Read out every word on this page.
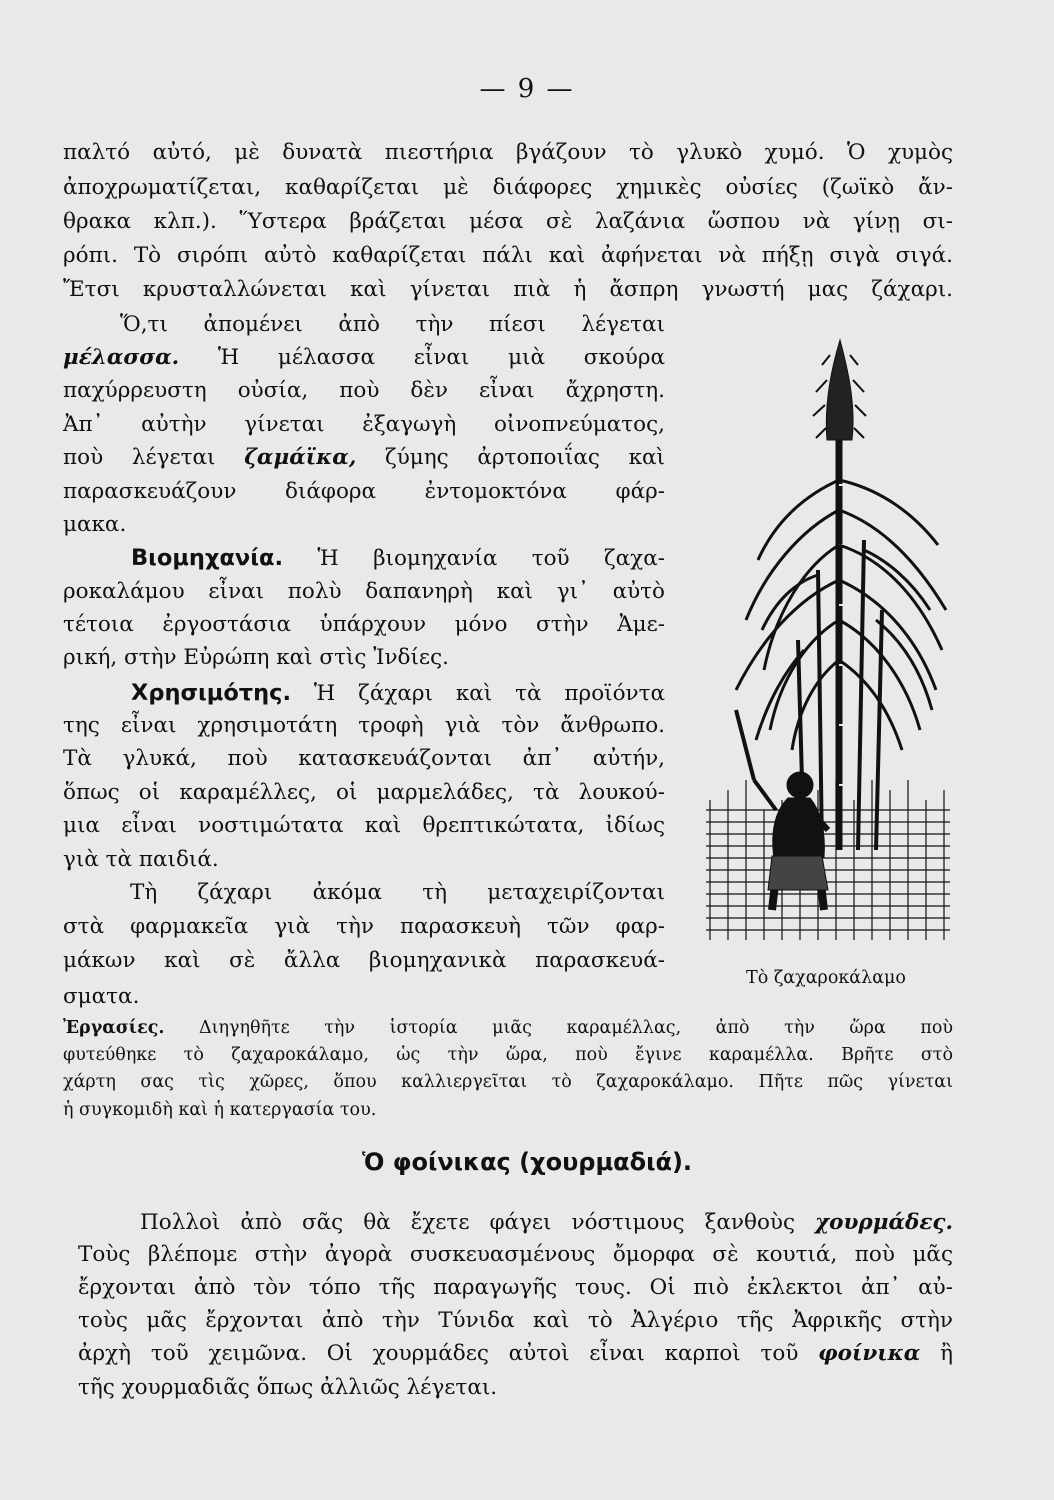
— 9 —
παλτό αὐτό, μὲ δυνατὰ πιεστήρια βγάζουν τὸ γλυκὸ χυμό. Ὁ χυμὸς
ἀποχρωματίζεται, καθαρίζεται μὲ διάφορες χημικὲς οὐσίες (ζωϊκὸ ἄν-
θρακα κλπ.). Ὕστερα βράζεται μέσα σὲ λαζάνια ὥσπου νὰ γίνῃ σι-
ρόπι. Τὸ σιρόπι αὐτὸ καθαρίζεται πάλι καὶ ἀφήνεται νὰ πήξῃ σιγὰ σιγά.
Ἔτσι κρυσταλλώνεται καὶ γίνεται πιὰ ἡ ἄσπρη γνωστή μας ζάχαρι.
Ὅ,τι ἀπομένει ἀπὸ τὴν πίεσι λέγεται
μέλασσα. Ἡ μέλασσα εἶναι μιὰ σκούρα
παχύρρευστη οὐσία, ποὺ δὲν εἶναι ἄχρηστη.
Ἀπ᾿ αὐτὴν γίνεται ἐξαγωγὴ οἰνοπνεύματος,
ποὺ λέγεται ζαμάϊκα, ζύμης ἀρτοποιΐας καὶ
παρασκευάζουν διάφορα ἐντομοκτόνα φάρ-
μακα.
Βιομηχανία. Ἡ βιομηχανία τοῦ ζαχα-
ροκαλάμου εἶναι πολὺ δαπανηρὴ καὶ γι᾿ αὐτὸ
τέτοια ἐργοστάσια ὑπάρχουν μόνο στὴν Ἀμε-
ρική, στὴν Εὐρώπη καὶ στὶς Ἰνδίες.
Χρησιμότης. Ἡ ζάχαρι καὶ τὰ προϊόντα
της εἶναι χρησιμοτάτη τροφὴ γιὰ τὸν ἄνθρωπο.
Τὰ γλυκά, ποὺ κατασκευάζονται ἀπ᾿ αὐτήν,
ὅπως οἱ καραμέλλες, οἱ μαρμελάδες, τὰ λουκού-
μια εἶναι νοστιμώτατα καὶ θρεπτικώτατα, ἰδίως
γιὰ τὰ παιδιά.
Τὴ ζάχαρι ἀκόμα τὴ μεταχειρίζονται
στὰ φαρμακεῖα γιὰ τὴν παρασκευὴ τῶν φαρ-
μάκων καὶ σὲ ἄλλα βιομηχανικὰ παρασκευά-
σματα.
Τὸ ζαχαροκάλαμο
Ἐργασίες. Διηγηθῆτε τὴν ἱστορία μιᾶς καραμέλλας, ἀπὸ τὴν ὥρα ποὺ
φυτεύθηκε τὸ ζαχαροκάλαμο, ὡς τὴν ὥρα, ποὺ ἔγινε καραμέλλα. Βρῆτε στὸ
χάρτη σας τὶς χῶρες, ὅπου καλλιεργεῖται τὸ ζαχαροκάλαμο. Πῆτε πῶς γίνεται
ἡ συγκομιδὴ καὶ ἡ κατεργασία του.
Ὁ φοίνικας (χουρμαδιά).
Πολλοὶ ἀπὸ σᾶς θὰ ἔχετε φάγει νόστιμους ξανθοὺς χουρμάδες.
Τοὺς βλέπομε στὴν ἀγορὰ συσκευασμένους ὄμορφα σὲ κουτιά, ποὺ μᾶς
ἔρχονται ἀπὸ τὸν τόπο τῆς παραγωγῆς τους. Οἱ πιὸ ἐκλεκτοι ἀπ᾿ αὐ-
τοὺς μᾶς ἔρχονται ἀπὸ τὴν Τύνιδα καὶ τὸ Ἀλγέριο τῆς Ἀφρικῆς στὴν
ἀρχὴ τοῦ χειμῶνα. Οἱ χουρμάδες αὐτοὶ εἶναι καρποὶ τοῦ φοίνικα ἢ
τῆς χουρμαδιᾶς ὅπως ἀλλιῶς λέγεται.
